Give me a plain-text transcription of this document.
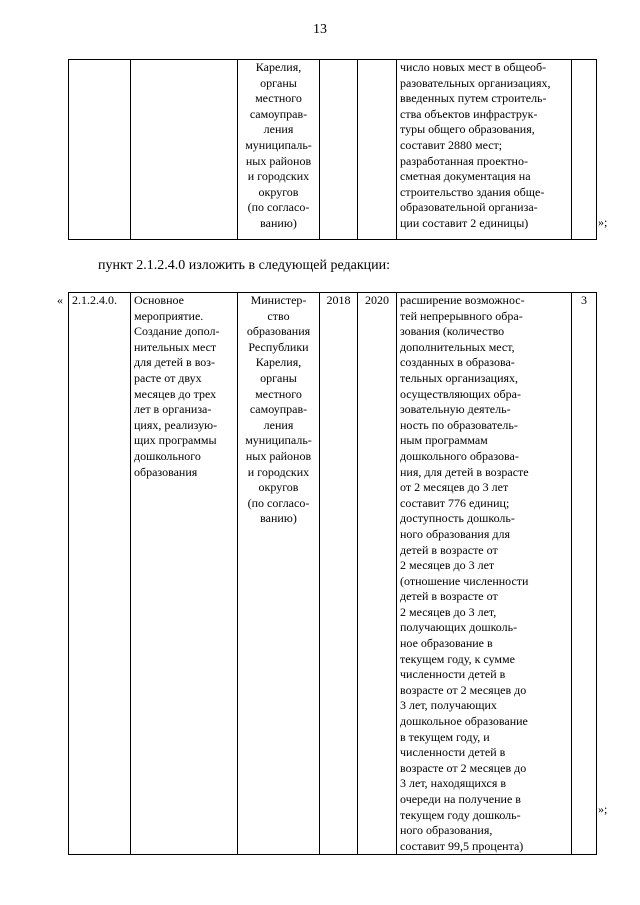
13
		Карелия,
органы
местного
самоуправ-
ления
муниципаль-
ных районов
и городских
округов
(по согласо-
ванию)			число новых мест в общеоб-
разовательных организациях,
введенных путем строитель-
ства объектов инфраструк-
туры общего образования,
составит 2880 мест;
разработанная проектно-
сметная документация на
строительство здания обще-
образовательной организа-
ции составит 2 единицы)		»;
пункт 2.1.2.4.0 изложить в следующей редакции:
« 2.1.2.4.0.	Основное
мероприятие.
Создание допол-
нительных мест
для детей в воз-
расте от двух
месяцев до трех
лет в организа-
циях, реализую-
щих программы
дошкольного
образования	Министер-
ство
образования
Республики
Карелия,
органы
местного
самоуправ-
ления
муниципаль-
ных районов
и городских
округов
(по согласо-
ванию)	2018	2020	расширение возможнос-
тей непрерывного обра-
зования (количество
дополнительных мест,
созданных в образова-
тельных организациях,
осуществляющих обра-
зовательную деятель-
ность по образователь-
ным программам
дошкольного образова-
ния, для детей в возрасте
от 2 месяцев до 3 лет
составит 776 единиц;
доступность дошколь-
ного образования для
детей в возрасте от
2 месяцев до 3 лет
(отношение численности
детей в возрасте от
2 месяцев до 3 лет,
получающих дошколь-
ное образование в
текущем году, к сумме
численности детей в
возрасте от 2 месяцев до
3 лет, получающих
дошкольное образование
в текущем году, и
численности детей в
возрасте от 2 месяцев до
3 лет, находящихся в
очереди на получение в
текущем году дошколь-
ного образования,
составит 99,5 процента)	3
»;
